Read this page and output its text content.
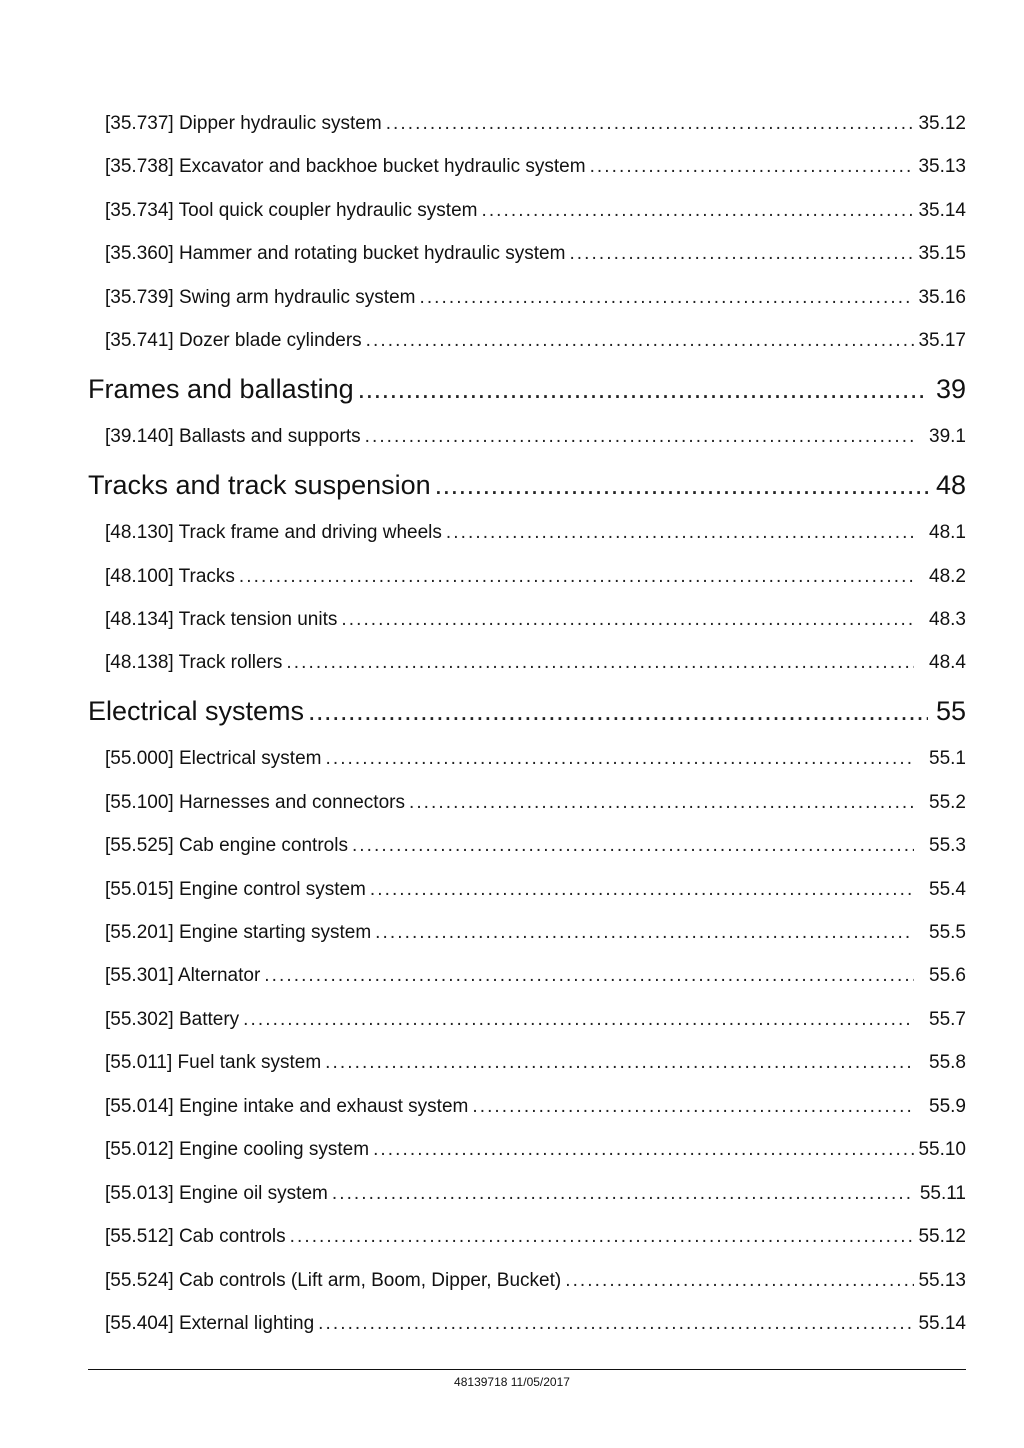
[35.737] Dipper hydraulic system . . .	35.12
[35.738] Excavator and backhoe bucket hydraulic system . . .	35.13
[35.734] Tool quick coupler hydraulic system . . .	35.14
[35.360] Hammer and rotating bucket hydraulic system . . .	35.15
[35.739] Swing arm hydraulic system . . .	35.16
[35.741] Dozer blade cylinders . . .	35.17
Frames and ballasting . . .	39
[39.140] Ballasts and supports . . .	39.1
Tracks and track suspension . . .	48
[48.130] Track frame and driving wheels . . .	48.1
[48.100] Tracks . . .	48.2
[48.134] Track tension units . . .	48.3
[48.138] Track rollers . . .	48.4
Electrical systems . . .	55
[55.000] Electrical system . . .	55.1
[55.100] Harnesses and connectors . . .	55.2
[55.525] Cab engine controls . . .	55.3
[55.015] Engine control system . . .	55.4
[55.201] Engine starting system . . .	55.5
[55.301] Alternator . . .	55.6
[55.302] Battery . . .	55.7
[55.011] Fuel tank system . . .	55.8
[55.014] Engine intake and exhaust system . . .	55.9
[55.012] Engine cooling system . . .	55.10
[55.013] Engine oil system . . .	55.11
[55.512] Cab controls . . .	55.12
[55.524] Cab controls (Lift arm, Boom, Dipper, Bucket) . . .	55.13
[55.404] External lighting . . .	55.14
48139718 11/05/2017
